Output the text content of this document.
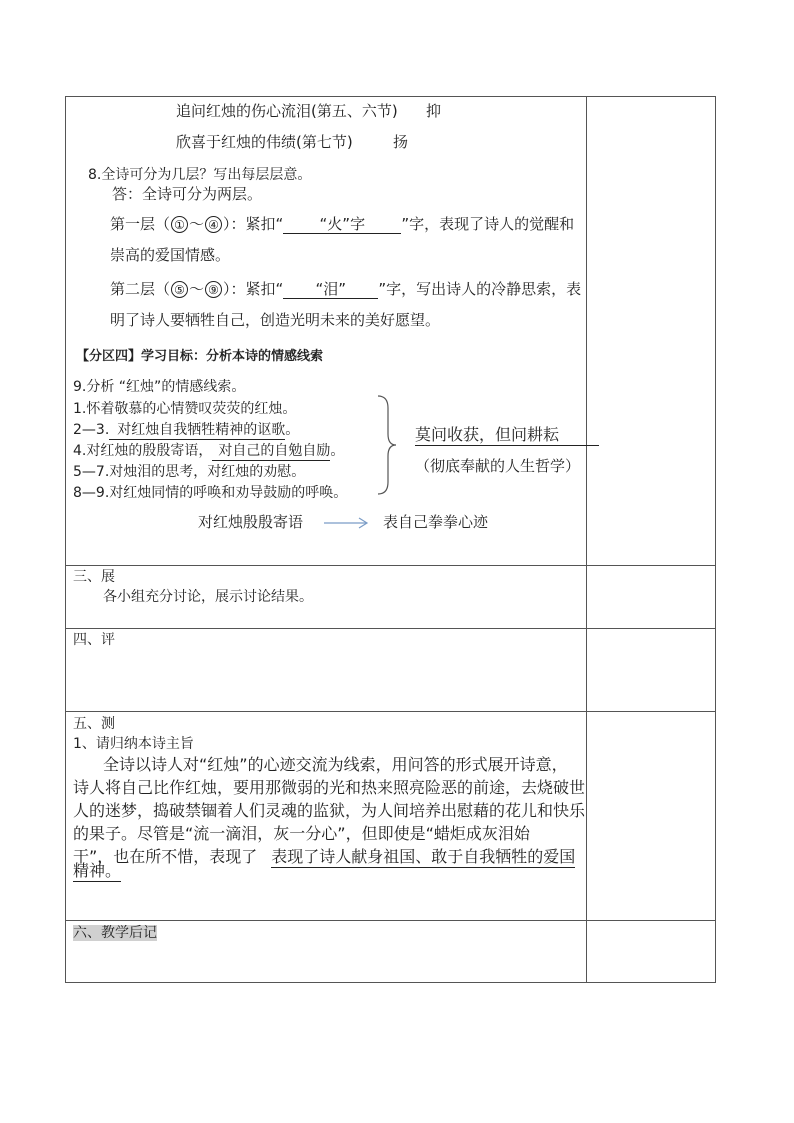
追问红烛的伤心流泪(第五、六节) 抑
欣喜于红烛的伟绩(第七节)	扬
8.全诗可分为几层？写出每层层意。
答：全诗可分为两层。
第一层（ ① ～ ④ ）：紧扣“ “火”字 ”字，表现了诗人的觉醒和
崇高的爱国情感。
第二层（ ⑤ ～ ⑨ ）：紧扣“ “泪” ”字，写出诗人的冷静思索，表
明了诗人要牺牲自己，创造光明未来的美好愿望。
【分区四】学习目标：分析本诗的情感线索
9.分析 “红烛”的情感线索。
1.怀着敬慕的心情赞叹荧荧的红烛。
2—3. 对红烛自我牺牲精神的讴歌。
4.对红烛的殷殷寄语， 对自己的自勉自励。
5—7.对烛泪的思考，对红烛的劝慰。
8—9.对红烛同情的呼唤和劝导鼓励的呼唤。
莫问收获，但问耕耘
（彻底奉献的人生哲学）
对红烛殷殷寄语	表自己拳拳心迹
三、展
各小组充分讨论，展示讨论结果。
四、评
五、测
1、请归纳本诗主旨
全诗以诗人对“红烛”的心迹交流为线索，用问答的形式展开诗意，
诗人将自己比作红烛，要用那微弱的光和热来照亮险恶的前途，去烧破世
人的迷梦，捣破禁锢着人们灵魂的监狱，为人间培养出慰藉的花儿和快乐
的果子。尽管是“流一滴泪，灰一分心”，但即使是“蜡炬成灰泪始
干”，也在所不惜，表现了 表现了诗人献身祖国、敢于自我牺牲的爱国
精神。
六、教学后记
